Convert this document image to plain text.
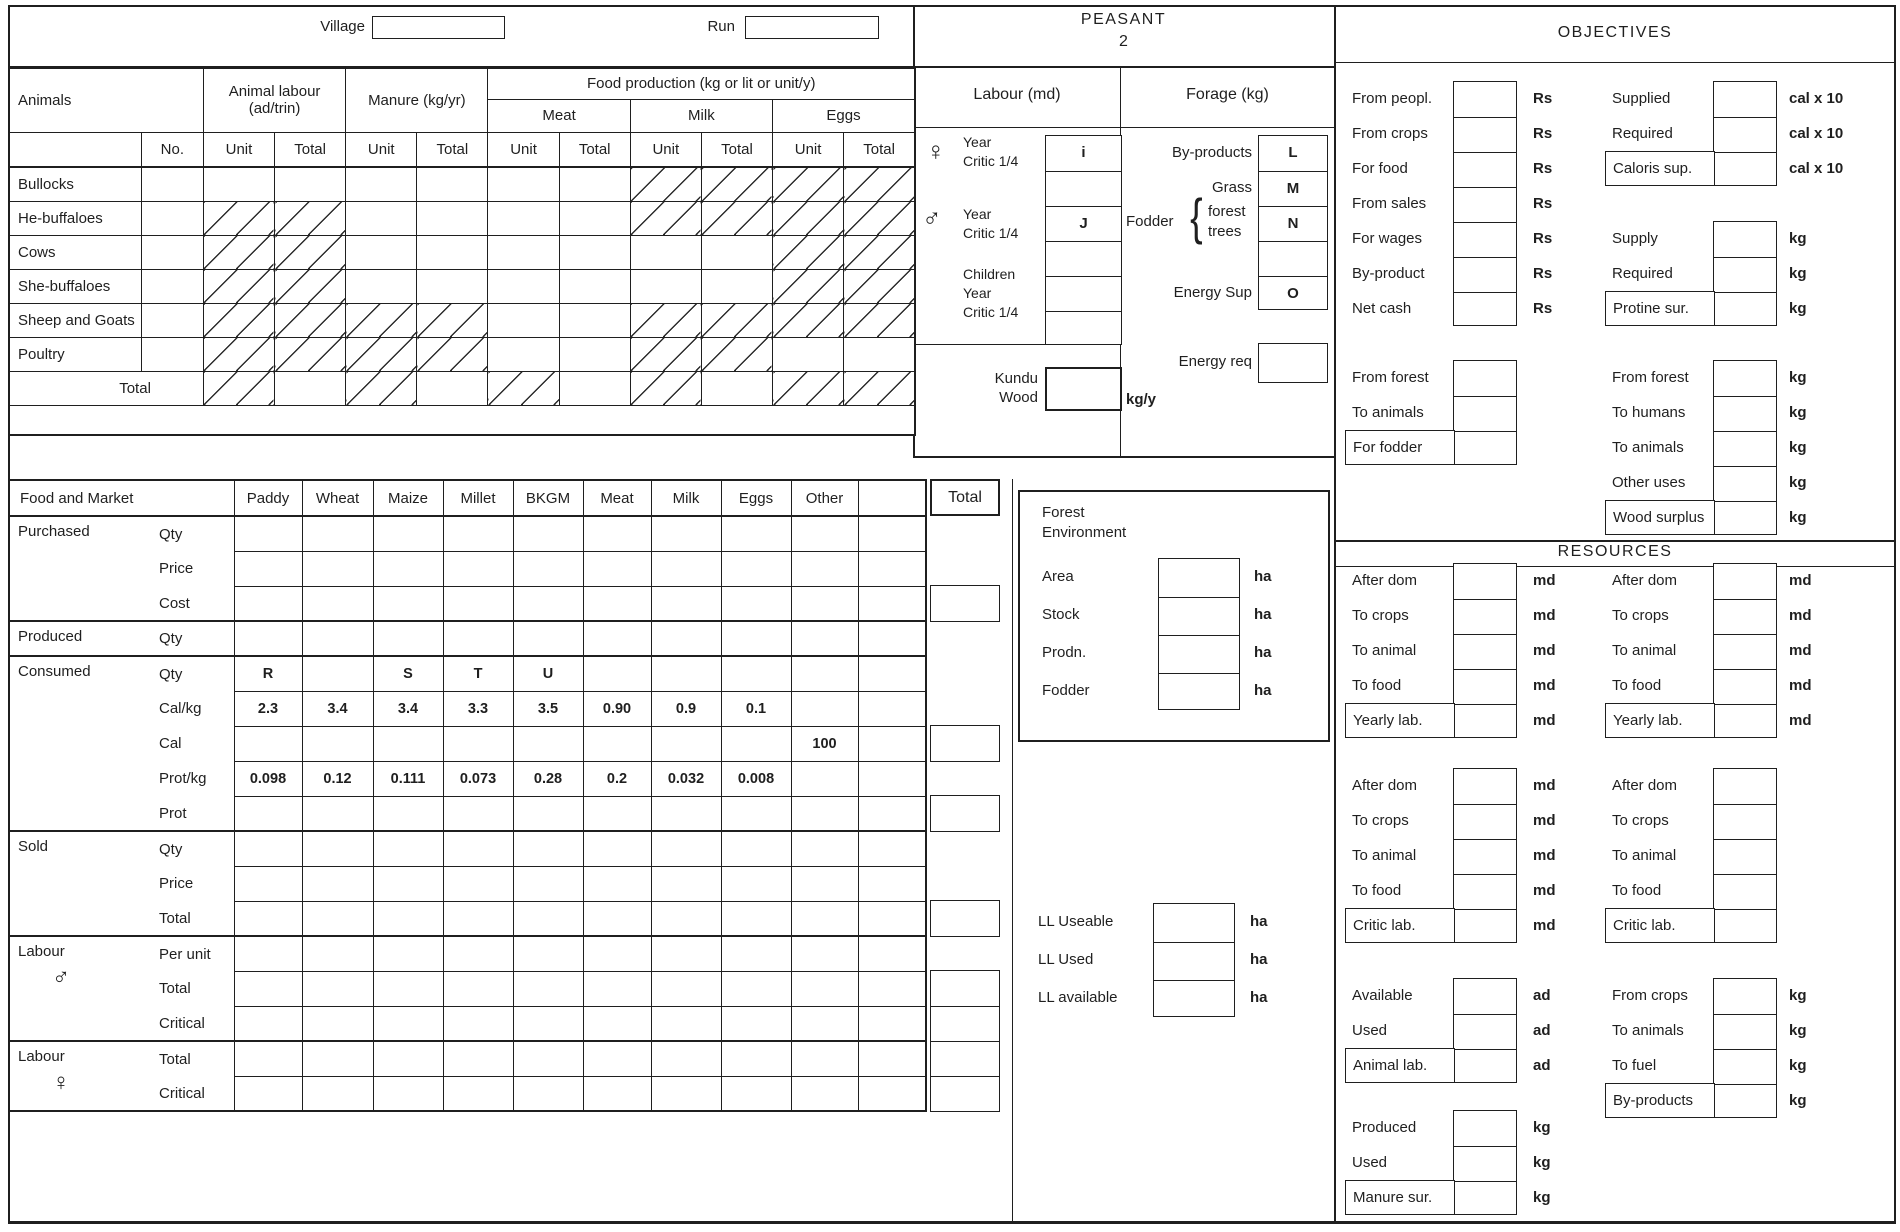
Village	Run	PEASANT
2
Labour (md)
♀ Year
Critic 1/4
♂ Year
Critic 1/4
Children
Year
Critic 1/4
Kundu
Wood
Forage (kg)
By-products
Grass
Fodder { forest
trees
Energy Sup
Energy req
kg/y
Forest
Environment
OBJECTIVES
RESOURCES
Animals		Animal labour (ad/trin)		Manure (kg/yr)		Food production (kg or lit or unit/y)					
						Meat		Milk		Eggs	
	No.	Unit	Total	Unit	Total	Unit	Total	Unit	Total	Unit	Total
Bullocks											
He-buffaloes											
Cows											
She-buffaloes											
Sheep and Goats											
Poultry											
Total											

i
J
L
M
N
O
Food and Market		Paddy	Wheat	Maize	Millet	BKGM	Meat	Milk	Eggs	Other	

Purchased	Qty										
	Price										
	Cost										

Produced	Qty										

Consumed	Qty	R		S	T	U					
	Cal/kg	2.3	3.4	3.4	3.3	3.5	0.90	0.9	0.1		
	Cal									100	
	Prot/kg	0.098	0.12	0.111	0.073	0.28	0.2	0.032	0.008		
	Prot										

Sold	Qty										
	Price										
	Total										

Labour
♂	Per unit										
	Total										
	Critical										

Labour
♀	Total										
	Critical										
Total
From peopl.	Rs
From crops	Rs
For food	Rs
From sales	Rs
For wages	Rs
By-product	Rs
Net cash	Rs
Supplied	cal x 10
Required	cal x 10
Caloris sup.	cal x 10
Supply	kg
Required	kg
Protine sur.	kg
From forest
To animals
For fodder
From forest	kg
To humans	kg
To animals	kg
Other uses	kg
Wood surplus	kg
After dom	md
To crops	md
To animal	md
To food	md
Yearly lab.	md
After dom	md
To crops	md
To animal	md
To food	md
Yearly lab.	md
After dom	md
To crops	md
To animal	md
To food	md
Critic lab.	md
After dom
To crops
To animal
To food
Critic lab.
Available	ad
Used	ad
Animal lab.	ad
From crops	kg
To animals	kg
To fuel	kg
By-products	kg
Produced	kg
Used	kg
Manure sur.	kg
Area	ha
Stock	ha
Prodn.	ha
Fodder	ha
LL Useable	ha
LL Used	ha
LL available	ha
